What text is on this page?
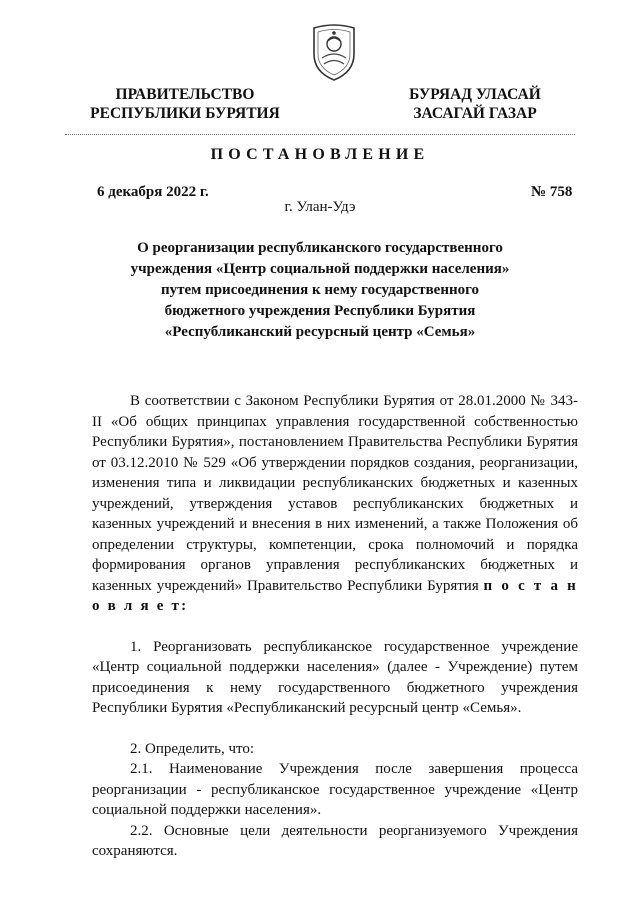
ПРАВИТЕЛЬСТВО
РЕСПУБЛИКИ БУРЯТИЯ
БУРЯАД УЛАСАЙ
ЗАСАГАЙ ГАЗАР
ПОСТАНОВЛЕНИЕ
6 декабря 2022 г.	№ 758
г. Улан-Удэ
О реорганизации республиканского государственного
учреждения «Центр социальной поддержки населения»
путем присоединения к нему государственного
бюджетного учреждения Республики Бурятия
«Республиканский ресурсный центр «Семья»

В соответствии с Законом Республики Бурятия от 28.01.2000 № 343-II «Об общих принципах управления государственной собственностью Республики Бурятия», постановлением Правительства Республики Бурятия от 03.12.2010 № 529 «Об утверждении порядков создания, реорганизации, изменения типа и ликвидации республиканских бюджетных и казенных учреждений, утверждения уставов республиканских бюджетных и казенных учреждений и внесения в них изменений, а также Положения об определении структуры, компетенции, срока полномочий и порядка формирования органов управления республиканских бюджетных и казенных учреждений» Правительство Республики Бурятия п о с т а н о в л я е т:

1. Реорганизовать республиканское государственное учреждение «Центр социальной поддержки населения» (далее - Учреждение) путем присоединения к нему государственного бюджетного учреждения Республики Бурятия «Республиканский ресурсный центр «Семья».

2. Определить, что:

2.1. Наименование Учреждения после завершения процесса реорганизации - республиканское государственное учреждение «Центр социальной поддержки населения».

2.2. Основные цели деятельности реорганизуемого Учреждения сохраняются.
